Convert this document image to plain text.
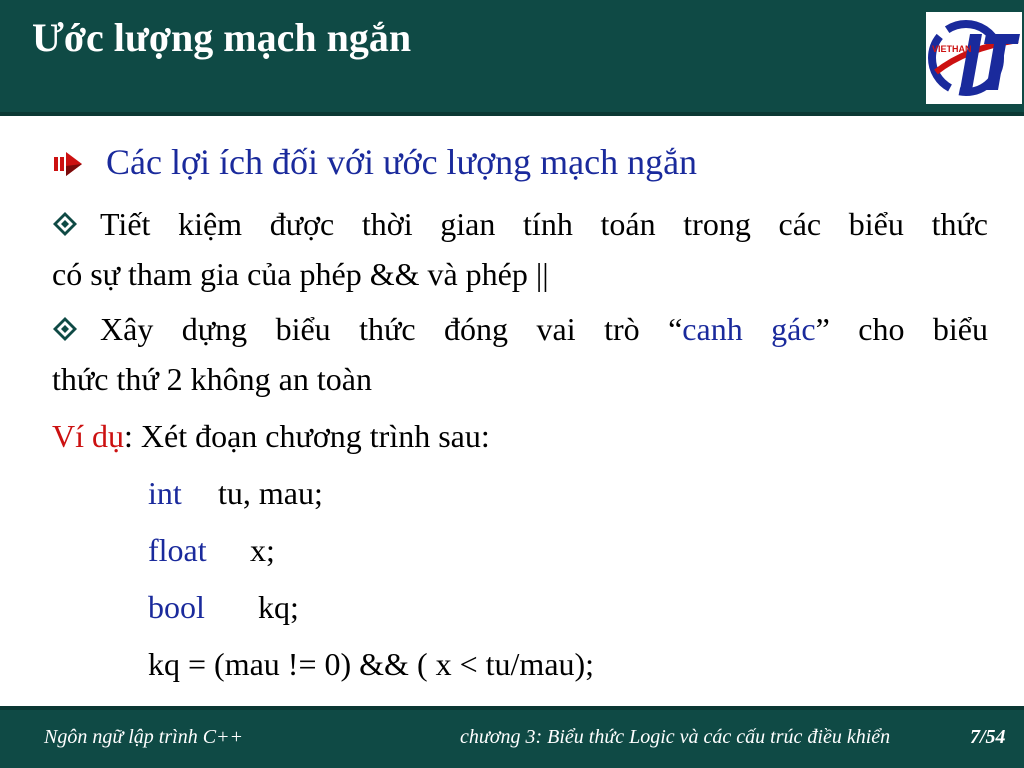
Ước lượng mạch ngắn	VIETHAN
Các lợi ích đối với ước lượng mạch ngắn
Tiết kiệm được thời gian tính toán trong các biểu thức
có sự tham gia của phép && và phép ||
Xây dựng biểu thức đóng vai trò “canh gác” cho biểu
thức thứ 2 không an toàn
Ví dụ: Xét đoạn chương trình sau:
int tu, mau;
float x;
bool kq;
kq = (mau != 0) && ( x < tu/mau);
Ngôn ngữ lập trình C++	chương 3: Biểu thức Logic và các cấu trúc điều khiển	7/54
